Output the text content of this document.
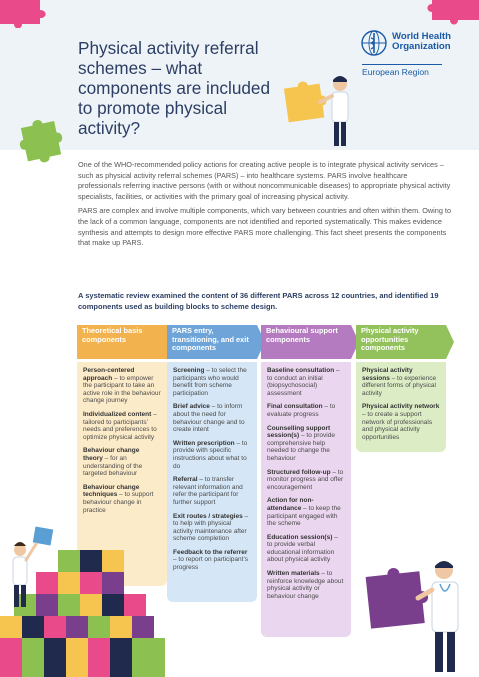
Physical activity referral schemes – what components are included to promote physical activity?
World Health Organization
European Region

One of the WHO-recommended policy actions for creating active people is to integrate physical activity services – such as physical activity referral schemes (PARS) – into healthcare systems. PARS involve healthcare professionals referring inactive persons (with or without noncommunicable diseases) to appropriate physical activity specialists, facilities, or activities with the primary goal of increasing physical activity.

PARS are complex and involve multiple components, which vary between countries and often within them. Owing to the lack of a common language, components are not identified and reported systematically. This makes evidence synthesis and attempts to design more effective PARS more challenging. This fact sheet presents the components that make up PARS.

A systematic review examined the content of 36 different PARS across 12 countries, and identified 19 components used as building blocks to scheme design.
Theoretical basis components
Person-centered approach – to empower the participant to take an active role in the behaviour change journey
Individualized content – tailored to participants’ needs and preferences to optimize physical activity
Behaviour change theory – for an understanding of the targeted behaviour
Behaviour change techniques – to support behaviour change in practice
PARS entry, transitioning, and exit components
Screening – to select the participants who would benefit from scheme participation
Brief advice – to inform about the need for behaviour change and to create intent
Written prescription – to provide with specific instructions about what to do
Referral – to transfer relevant information and refer the participant for further support
Exit routes / strategies – to help with physical activity maintenance after scheme completion
Feedback to the referrer – to report on participant’s progress
Behavioural support components
Baseline consultation – to conduct an initial (biopsychosocial) assessment
Final consultation – to evaluate progress
Counselling support session(s) – to provide comprehensive help needed to change the behaviour
Structured follow-up – to monitor progress and offer encouragement
Action for non-attendance – to keep the participant engaged with the scheme
Education session(s) – to provide verbal educational information about physical activity
Written materials – to reinforce knowledge about physical activity or behaviour change
Physical activity opportunities components
Physical activity sessions – to experience different forms of physical activity
Physical activity network – to create a support network of professionals and physical activity opportunities
